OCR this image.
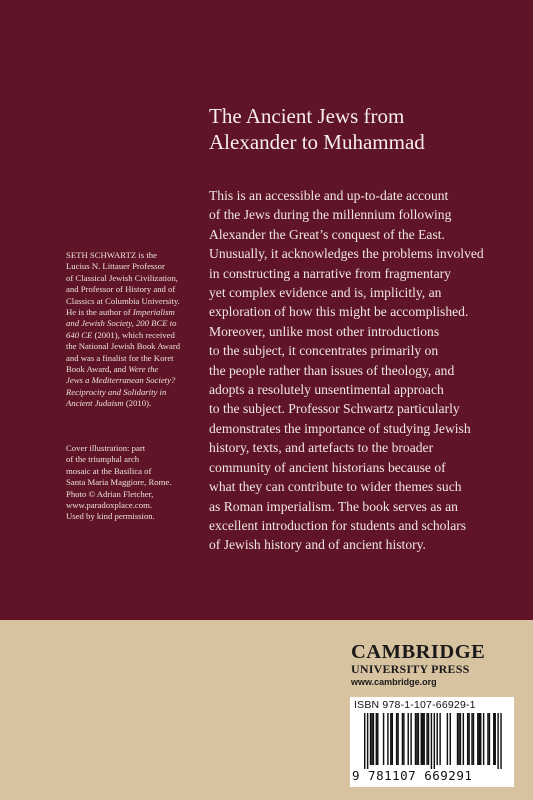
The Ancient Jews from
Alexander to Muhammad
This is an accessible and up-to-date account
of the Jews during the millennium following
Alexander the Great’s conquest of the East.
Unusually, it acknowledges the problems involved
in constructing a narrative from fragmentary
yet complex evidence and is, implicitly, an
exploration of how this might be accomplished.
Moreover, unlike most other introductions
to the subject, it concentrates primarily on
the people rather than issues of theology, and
adopts a resolutely unsentimental approach
to the subject. Professor Schwartz particularly
demonstrates the importance of studying Jewish
history, texts, and artefacts to the broader
community of ancient historians because of
what they can contribute to wider themes such
as Roman imperialism. The book serves as an
excellent introduction for students and scholars
of Jewish history and of ancient history.
SETH SCHWARTZ is the
Lucius N. Littauer Professor
of Classical Jewish Civilization,
and Professor of History and of
Classics at Columbia University.
He is the author of Imperialism
and Jewish Society, 200 BCE to
640 CE (2001), which received
the National Jewish Book Award
and was a finalist for the Koret
Book Award, and Were the
Jews a Mediterranean Society?
Reciprocity and Solidarity in
Ancient Judaism (2010).
Cover illustration: part
of the triumphal arch
mosaic at the Basilica of
Santa Maria Maggiore, Rome.
Photo © Adrian Fletcher,
www.paradoxplace.com.
Used by kind permission.
CAMBRIDGE
UNIVERSITY PRESS
www.cambridge.org
ISBN 978-1-107-66929-1
9 781107 669291
